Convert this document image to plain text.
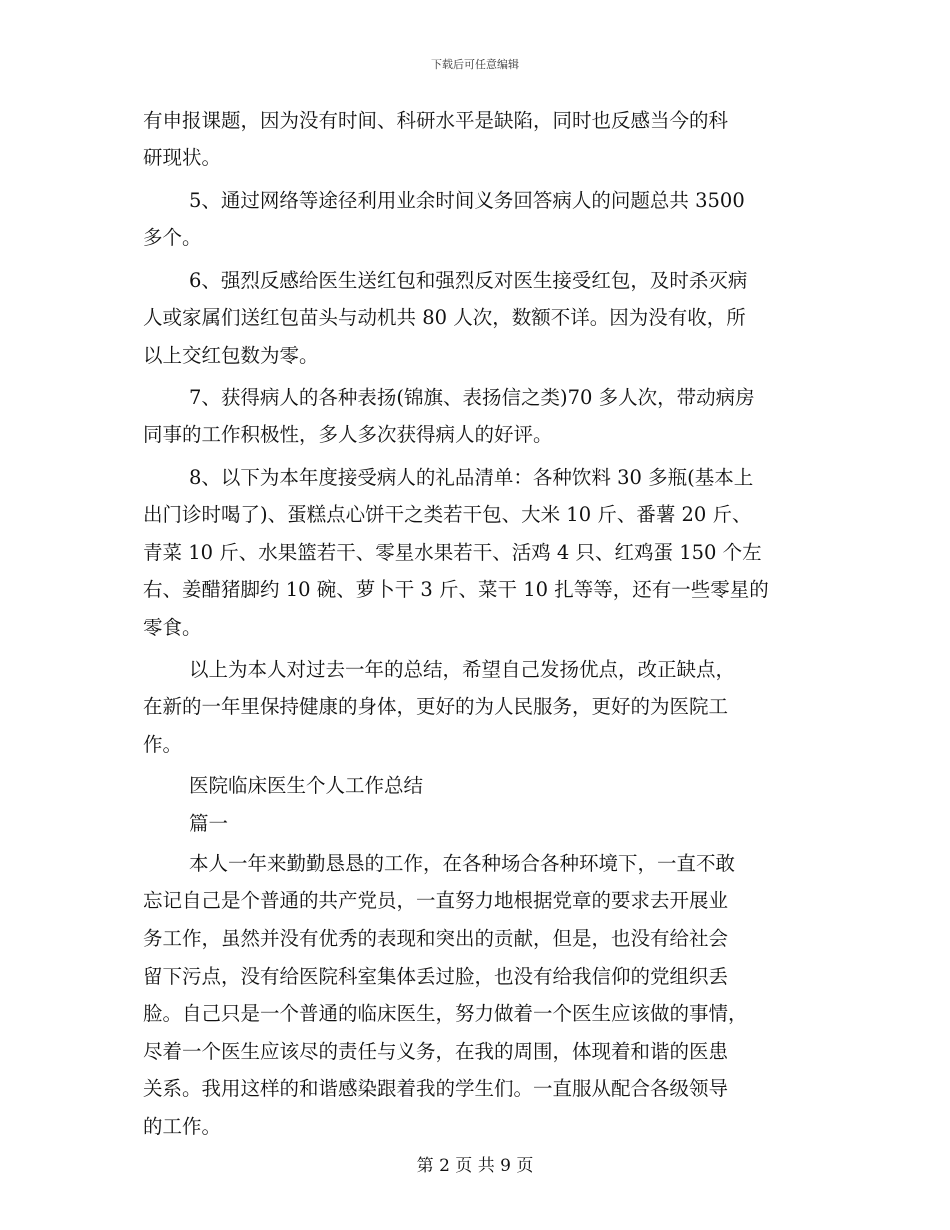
下载后可任意编辑
有申报课题，因为没有时间、科研水平是缺陷，同时也反感当今的科
研现状。
5、通过网络等途径利用业余时间义务回答病人的问题总共 3500
多个。
6、强烈反感给医生送红包和强烈反对医生接受红包，及时杀灭病
人或家属们送红包苗头与动机共 80 人次，数额不详。因为没有收，所
以上交红包数为零。
7、获得病人的各种表扬(锦旗、表扬信之类)70 多人次，带动病房
同事的工作积极性，多人多次获得病人的好评。
8、以下为本年度接受病人的礼品清单：各种饮料 30 多瓶(基本上
出门诊时喝了)、蛋糕点心饼干之类若干包、大米 10 斤、番薯 20 斤、
青菜 10 斤、水果篮若干、零星水果若干、活鸡 4 只、红鸡蛋 150 个左
右、姜醋猪脚约 10 碗、萝卜干 3 斤、菜干 10 扎等等，还有一些零星的
零食。
以上为本人对过去一年的总结，希望自己发扬优点，改正缺点，
在新的一年里保持健康的身体，更好的为人民服务，更好的为医院工
作。
医院临床医生个人工作总结
篇一
本人一年来勤勤恳恳的工作，在各种场合各种环境下，一直不敢
忘记自己是个普通的共产党员，一直努力地根据党章的要求去开展业
务工作，虽然并没有优秀的表现和突出的贡献，但是，也没有给社会
留下污点，没有给医院科室集体丢过脸，也没有给我信仰的党组织丢
脸。自己只是一个普通的临床医生，努力做着一个医生应该做的事情，
尽着一个医生应该尽的责任与义务，在我的周围，体现着和谐的医患
关系。我用这样的和谐感染跟着我的学生们。一直服从配合各级领导
的工作。
第 2 页 共 9 页
